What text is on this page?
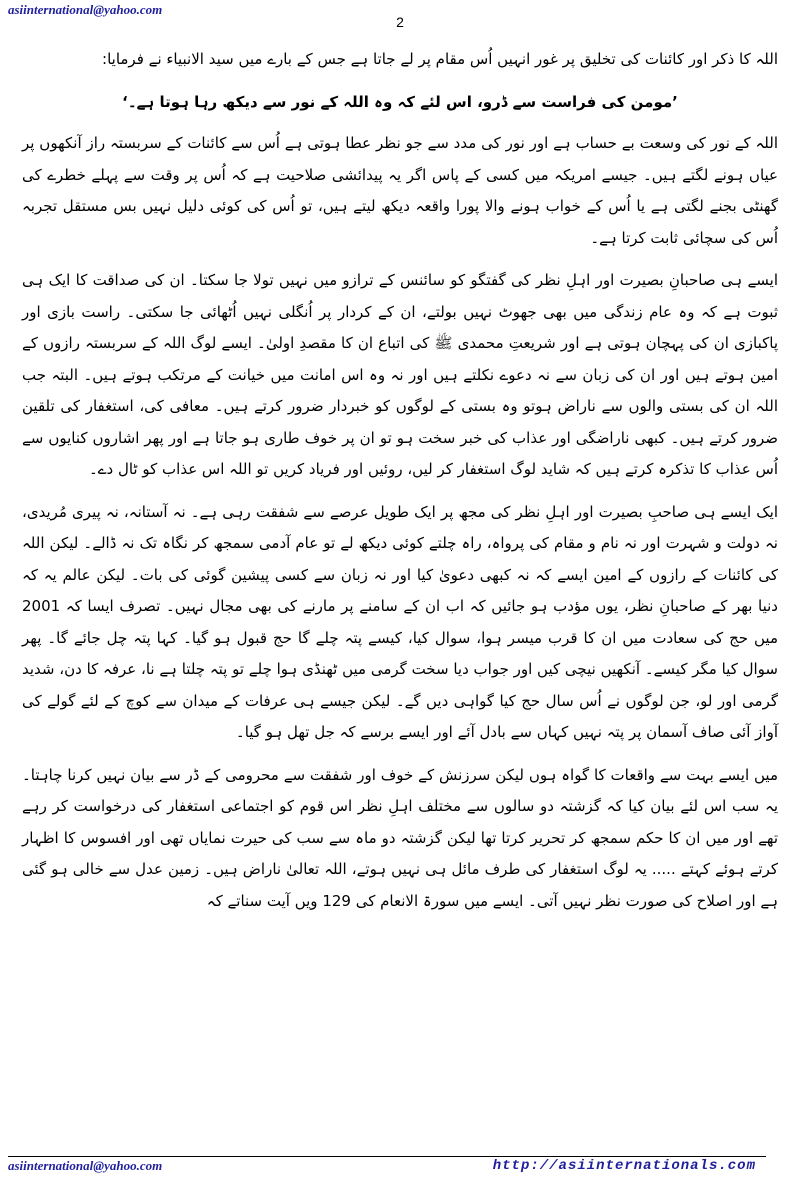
asiinternational@yahoo.com
2

اللہ کا ذکر اور کائنات کی تخلیق پر غور انہیں اُس مقام پر لے جاتا ہے جس کے بارے میں سید الانبیاء نے فرمایا:

’مومن کی فراست سے ڈرو، اس لئے کہ وہ اللہ کے نور سے دیکھ رہا ہوتا ہے۔‘

اللہ کے نور کی وسعت بے حساب ہے اور نور کی مدد سے جو نظر عطا ہوتی ہے اُس سے کائنات کے سربستہ راز آنکھوں پر عیاں ہونے لگتے ہیں۔ جیسے امریکہ میں کسی کے پاس اگر یہ پیدائشی صلاحیت ہے کہ اُس پر وقت سے پہلے خطرے کی گھنٹی بجنے لگتی ہے یا اُس کے خواب ہونے والا پورا واقعہ دیکھ لیتے ہیں، تو اُس کی کوئی دلیل نہیں بس مستقل تجربہ اُس کی سچائی ثابت کرتا ہے۔

ایسے ہی صاحبانِ بصیرت اور اہلِ نظر کی گفتگو کو سائنس کے ترازو میں نہیں تولا جا سکتا۔ ان کی صداقت کا ایک ہی ثبوت ہے کہ وہ عام زندگی میں بھی جھوٹ نہیں بولتے، ان کے کردار پر اُنگلی نہیں اُٹھائی جا سکتی۔ راست بازی اور پاکبازی ان کی پہچان ہوتی ہے اور شریعتِ محمدی ﷺ کی اتباع ان کا مقصدِ اولیٰ۔ ایسے لوگ اللہ کے سربستہ رازوں کے امین ہوتے ہیں اور ان کی زبان سے نہ دعوے نکلتے ہیں اور نہ وہ اس امانت میں خیانت کے مرتکب ہوتے ہیں۔ البتہ جب اللہ ان کی بستی والوں سے ناراض ہوتو وہ بستی کے لوگوں کو خبردار ضرور کرتے ہیں۔ معافی کی، استغفار کی تلقین ضرور کرتے ہیں۔ کبھی ناراضگی اور عذاب کی خبر سخت ہو تو ان پر خوف طاری ہو جاتا ہے اور پھر اشاروں کنایوں سے اُس عذاب کا تذکرہ کرتے ہیں کہ شاید لوگ استغفار کر لیں، روئیں اور فریاد کریں تو اللہ اس عذاب کو ٹال دے۔

ایک ایسے ہی صاحبِ بصیرت اور اہلِ نظر کی مجھ پر ایک طویل عرصے سے شفقت رہی ہے۔ نہ آستانہ، نہ پیری مُریدی، نہ دولت و شہرت اور نہ نام و مقام کی پرواہ، راہ چلتے کوئی دیکھ لے تو عام آدمی سمجھ کر نگاہ تک نہ ڈالے۔ لیکن اللہ کی کائنات کے رازوں کے امین ایسے کہ نہ کبھی دعویٰ کیا اور نہ زبان سے کسی پیشین گوئی کی بات۔ لیکن عالم یہ کہ دنیا بھر کے صاحبانِ نظر، یوں مؤدب ہو جائیں کہ اب ان کے سامنے پر مارنے کی بھی مجال نہیں۔ تصرف ایسا کہ 2001 میں حج کی سعادت میں ان کا قرب میسر ہوا، سوال کیا، کیسے پتہ چلے گا حج قبول ہو گیا۔ کہا پتہ چل جائے گا۔ پھر سوال کیا مگر کیسے۔ آنکھیں نیچی کیں اور جواب دیا سخت گرمی میں ٹھنڈی ہوا چلے تو پتہ چلتا ہے نا، عرفہ کا دن، شدید گرمی اور لو، جن لوگوں نے اُس سال حج کیا گواہی دیں گے۔ لیکن جیسے ہی عرفات کے میدان سے کوچ کے لئے گولے کی آواز آئی صاف آسمان پر پتہ نہیں کہاں سے بادل آئے اور ایسے برسے کہ جل تھل ہو گیا۔

میں ایسے بہت سے واقعات کا گواہ ہوں لیکن سرزنش کے خوف اور شفقت سے محرومی کے ڈر سے بیان نہیں کرنا چاہتا۔ یہ سب اس لئے بیان کیا کہ گزشتہ دو سالوں سے مختلف اہلِ نظر اس قوم کو اجتماعی استغفار کی درخواست کر رہے تھے اور میں ان کا حکم سمجھ کر تحریر کرتا تھا لیکن گزشتہ دو ماہ سے سب کی حیرت نمایاں تھی اور افسوس کا اظہار کرتے ہوئے کہتے ..... یہ لوگ استغفار کی طرف مائل ہی نہیں ہوتے، اللہ تعالیٰ ناراض ہیں۔ زمین عدل سے خالی ہو گئی ہے اور اصلاح کی صورت نظر نہیں آتی۔ ایسے میں سورۃ الانعام کی 129 ویں آیت سناتے کہ

asiinternational@yahoo.com	http://asiinternationals.com
